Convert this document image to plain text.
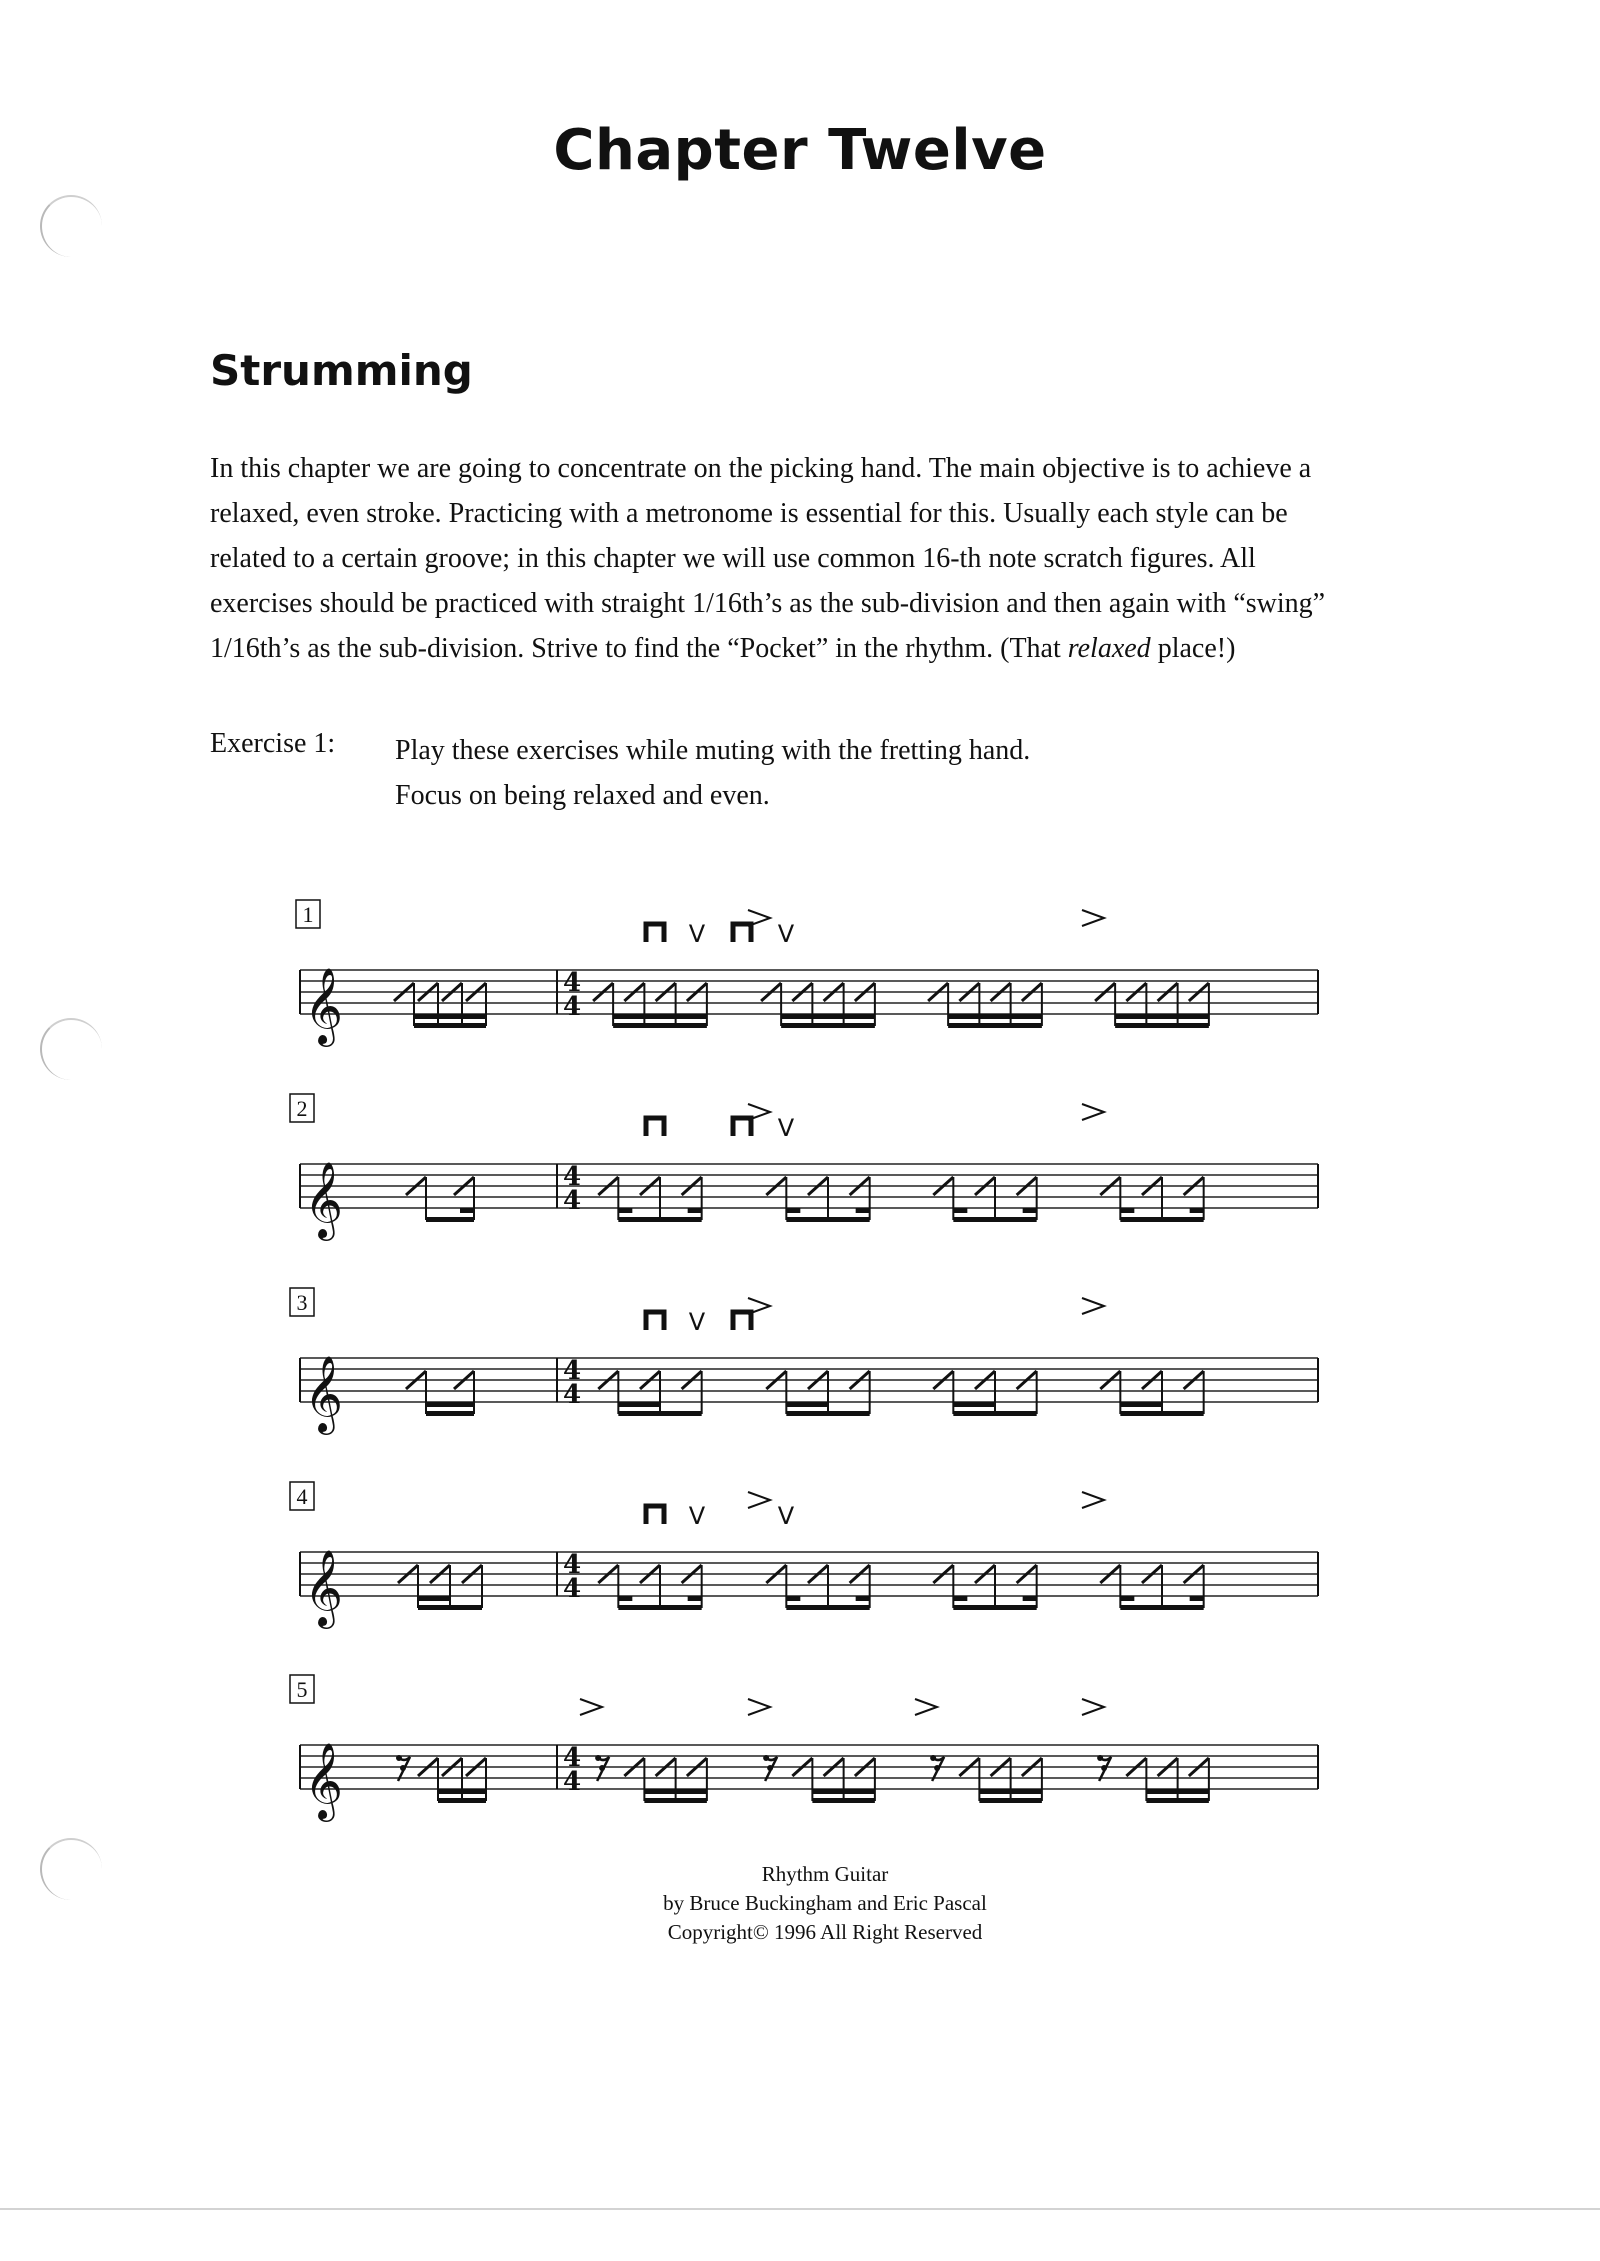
Chapter Twelve
Strumming

In this chapter we are going to concentrate on the picking hand. The main objective is to achieve a

relaxed, even stroke. Practicing with a metronome is essential for this. Usually each style can be

related to a certain groove; in this chapter we will use common 16-th note scratch figures. All

exercises should be practiced with straight 1/16th’s as the sub-division and then again with “swing”

1/16th’s as the sub-division. Strive to find the “Pocket” in the rhythm. (That relaxed place!)

Exercise 1: Play these exercises while muting with the fretting hand.
Focus on being relaxed and even.
𝄞	4
4
1
V	V
𝄞	4
4
2
V
𝄞	4
4
3
V
𝄞	4
4
4
V	V
𝄞	4
4
5
Rhythm Guitar
by Bruce Buckingham and Eric Pascal
Copyright© 1996 All Right Reserved
